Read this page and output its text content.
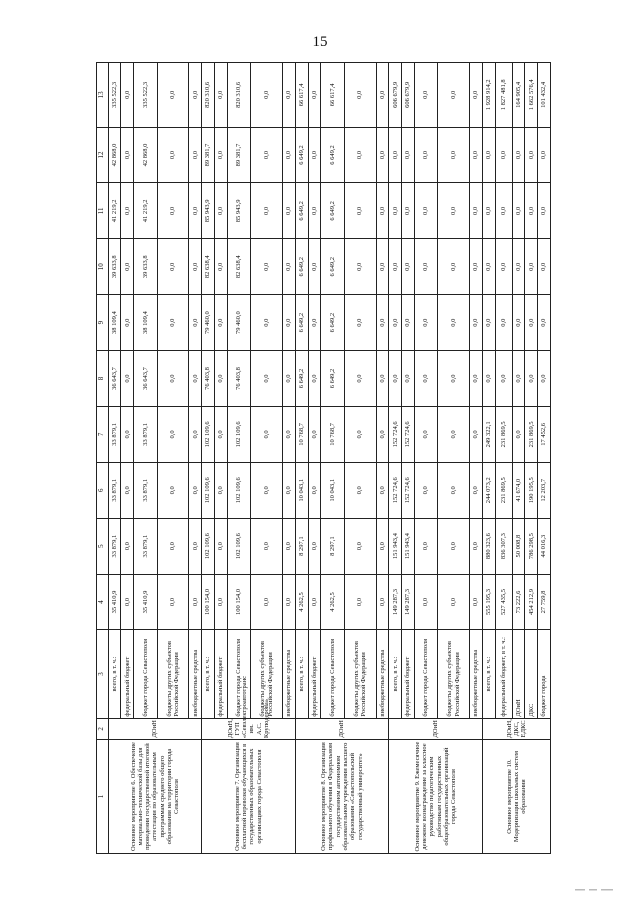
15
1	2	3	4	5	6	7	8	9	10	11	12	13
Основное мероприятие 6. Обеспечение материально-технической базы для проведения государственной итоговой аттестации по образовательным программам среднего общего образования на территории города Севастополя	ДОиН	всего, в т. ч.:	35 410,9	33 879,1	33 879,1	33 879,1	36 643,7	38 109,4	39 633,8	41 219,2	42 868,0	335 522,3
		федеральный бюджет	0,0	0,0	0,0	0,0	0,0	0,0	0,0	0,0	0,0	0,0
		бюджет города Севастополя	35 410,9	33 879,1	33 879,1	33 879,1	36 643,7	38 109,4	39 633,8	41 219,2	42 868,0	335 522,3
		бюджеты других субъектов Российской Федерации	0,0	0,0	0,0	0,0	0,0	0,0	0,0	0,0	0,0	0,0
		внебюджетные средства	0,0	0,0	0,0	0,0	0,0	0,0	0,0	0,0	0,0	0,0
Основное мероприятие 7. Организация бесплатной перевозки обучающихся в государственных образовательных организациях города Севастополя	ДОиН, ГУП «Севэлектроавтотранс им. А.С. Круподерова»	всего, в т. ч.:	100 154,0	102 109,6	102 109,6	102 109,6	76 403,8	79 460,0	82 638,4	85 943,9	89 381,7	820 310,6
		федеральный бюджет	0,0	0,0	0,0	0,0	0,0	0,0	0,0	0,0	0,0	0,0
		бюджет города Севастополя	100 154,0	102 109,6	102 109,6	102 109,6	76 403,8	79 460,0	82 638,4	85 943,9	89 381,7	820 310,6
		бюджеты других субъектов Российской Федерации	0,0	0,0	0,0	0,0	0,0	0,0	0,0	0,0	0,0	0,0
		внебюджетные средства	0,0	0,0	0,0	0,0	0,0	0,0	0,0	0,0	0,0	0,0
Основное мероприятие 8. Организация профильного обучения в Федеральном государственном автономном образовательном учреждении высшего образования «Севастопольский государственный университет»	ДОиН	всего, в т. ч.:	4 262,5	8 297,1	10 043,1	10 768,7	6 649,2	6 649,2	6 649,2	6 649,2	6 649,2	66 617,4
		федеральный бюджет	0,0	0,0	0,0	0,0	0,0	0,0	0,0	0,0	0,0	0,0
		бюджет города Севастополя	4 262,5	8 297,1	10 043,1	10 768,7	6 649,2	6 649,2	6 649,2	6 649,2	6 649,2	66 617,4
		бюджеты других субъектов Российской Федерации	0,0	0,0	0,0	0,0	0,0	0,0	0,0	0,0	0,0	0,0
		внебюджетные средства	0,0	0,0	0,0	0,0	0,0	0,0	0,0	0,0	0,0	0,0
Основное мероприятие 9. Ежемесячное денежное вознаграждение за классное руководство педагогическим работникам государственных общеобразовательных организаций города Севастополя	ДОиН	всего, в т. ч.:	149 287,3	151 943,4	152 724,6	152 724,6	0,0	0,0	0,0	0,0	0,0	606 679,9
		федеральный бюджет	149 287,3	151 943,4	152 724,6	152 724,6	0,0	0,0	0,0	0,0	0,0	606 679,9
		бюджет города Севастополя	0,0	0,0	0,0	0,0	0,0	0,0	0,0	0,0	0,0	0,0
		бюджеты других субъектов Российской Федерации	0,0	0,0	0,0	0,0	0,0	0,0	0,0	0,0	0,0	0,0
		внебюджетные средства	0,0	0,0	0,0	0,0	0,0	0,0	0,0	0,0	0,0	0,0
Основное мероприятие 10. Модернизация школьных систем образования	ДОиН, ДКС, ЕДКС	всего, в т. ч.:	555 195,3	880 323,6	244 073,2	249 322,1	0,0	0,0	0,0	0,0	0,0	1 928 914,2
		федеральный бюджет, в т. ч.:	527 435,5	836 307,3	231 869,5	231 869,5	0,0	0,0	0,0	0,0	0,0	1 827 481,8
		ДОиН	73 222,6	50 008,8	41 674,0	0,0	0,0	0,0	0,0	0,0	0,0	164 905,4
		ДКС	454 212,9	786 298,5	190 195,5	231 869,5	0,0	0,0	0,0	0,0	0,0	1 662 576,4
		бюджет города	27 759,8	44 016,3	12 203,7	17 452,6	0,0	0,0	0,0	0,0	0,0	101 432,4
